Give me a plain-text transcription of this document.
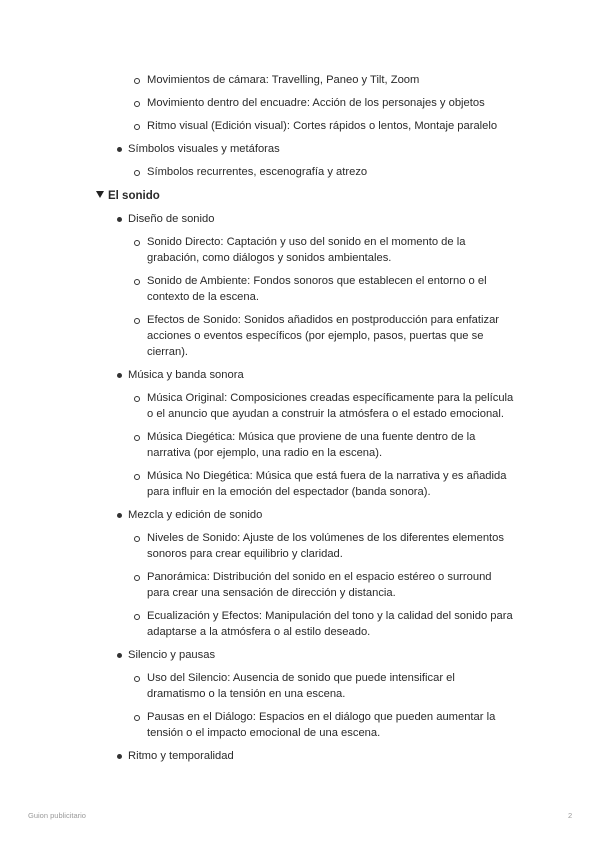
Movimientos de cámara: Travelling, Paneo y Tilt, Zoom
Movimiento dentro del encuadre: Acción de los personajes y objetos
Ritmo visual (Edición visual): Cortes rápidos o lentos, Montaje paralelo
Símbolos visuales y metáforas
Símbolos recurrentes, escenografía y atrezo
El sonido
Diseño de sonido
Sonido Directo: Captación y uso del sonido en el momento de la
grabación, como diálogos y sonidos ambientales.
Sonido de Ambiente: Fondos sonoros que establecen el entorno o el
contexto de la escena.
Efectos de Sonido: Sonidos añadidos en postproducción para enfatizar
acciones o eventos específicos (por ejemplo, pasos, puertas que se
cierran).
Música y banda sonora
Música Original: Composiciones creadas específicamente para la película
o el anuncio que ayudan a construir la atmósfera o el estado emocional.
Música Diegética: Música que proviene de una fuente dentro de la
narrativa (por ejemplo, una radio en la escena).
Música No Diegética: Música que está fuera de la narrativa y es añadida
para influir en la emoción del espectador (banda sonora).
Mezcla y edición de sonido
Niveles de Sonido: Ajuste de los volúmenes de los diferentes elementos
sonoros para crear equilibrio y claridad.
Panorámica: Distribución del sonido en el espacio estéreo o surround
para crear una sensación de dirección y distancia.
Ecualización y Efectos: Manipulación del tono y la calidad del sonido para
adaptarse a la atmósfera o al estilo deseado.
Silencio y pausas
Uso del Silencio: Ausencia de sonido que puede intensificar el
dramatismo o la tensión en una escena.
Pausas en el Diálogo: Espacios en el diálogo que pueden aumentar la
tensión o el impacto emocional de una escena.
Ritmo y temporalidad
Guion publicitario	2
